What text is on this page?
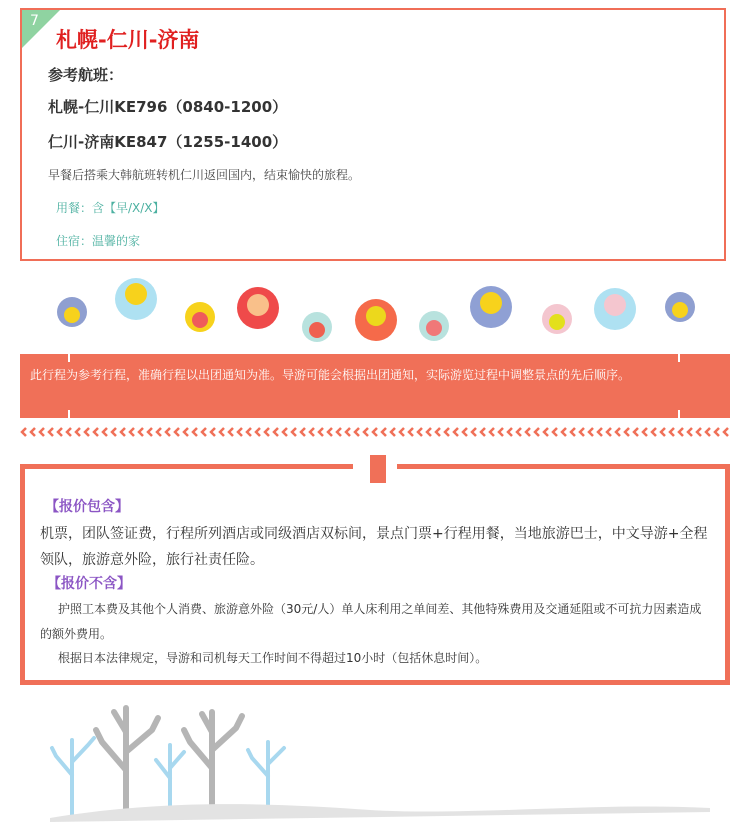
7
札幌-仁川-济南
参考航班：
札幌-仁川KE796（0840-1200）
仁川-济南KE847（1255-1400）
早餐后搭乘大韩航班转机仁川返回国内，结束愉快的旅程。
用餐：含【早/X/X】
住宿：温馨的家
此行程为参考行程，准确行程以出团通知为准。导游可能会根据出团通知，实际游览过程中调整景点的先后顺序。
【报价包含】
机票，团队签证费，行程所列酒店或同级酒店双标间，景点门票+行程用餐，当地旅游巴士，中文导游+全程领队，旅游意外险，旅行社责任险。
【报价不含】
护照工本费及其他个人消费、旅游意外险（30元/人）单人床利用之单间差、其他特殊费用及交通延阻或不可抗力因素造成的额外费用。
根据日本法律规定，导游和司机每天工作时间不得超过10小时（包括休息时间）。
